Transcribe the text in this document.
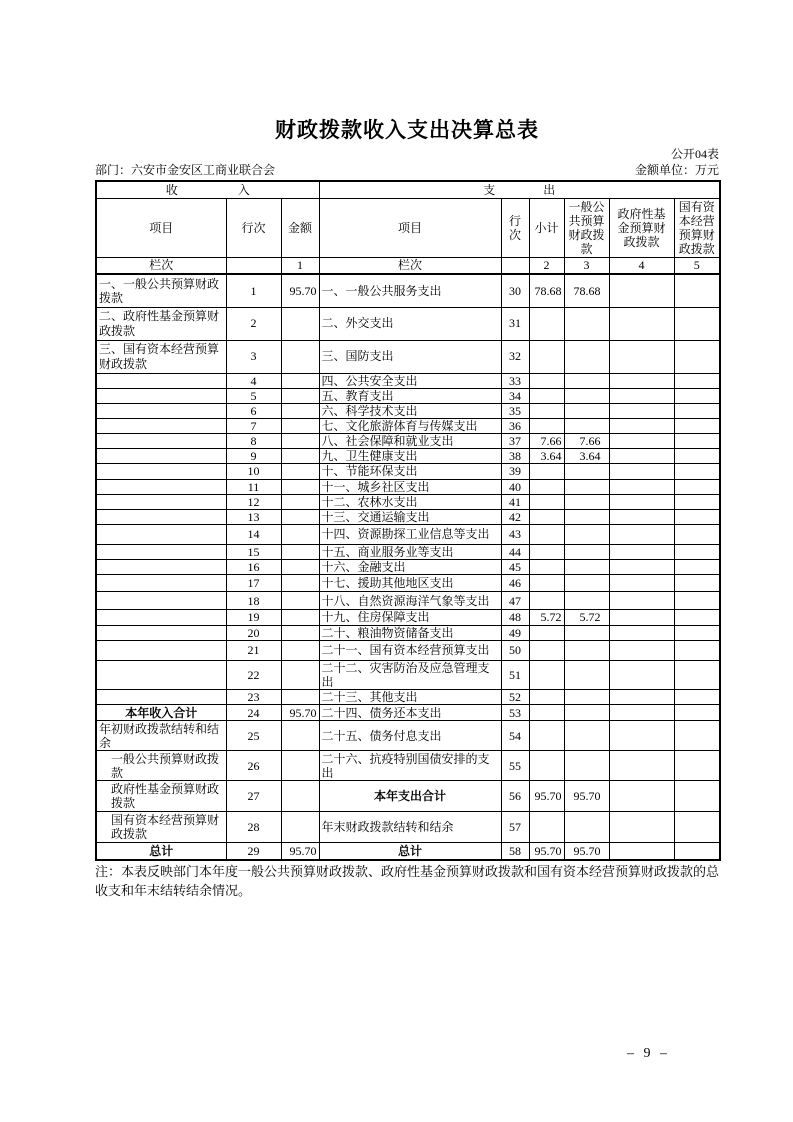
财政拨款收入支出决算总表
公开04表
部门：六安市金安区工商业联合会	金额单位：万元
收　　　　　入			支　　　　出					
项目	行次	金额	项目	行次	小计	一般公共预算财政拨款	政府性基金预算财政拨款	国有资本经营预算财政拨款
栏次		1	栏次		2	3	4	5
一、一般公共预算财政拨款	1	95.70	一、一般公共服务支出	30	78.68	78.68		
二、政府性基金预算财政拨款	2		二、外交支出	31				
三、国有资本经营预算财政拨款	3		三、国防支出	32				
	4		四、公共安全支出	33				
	5		五、教育支出	34				
	6		六、科学技术支出	35				
	7		七、文化旅游体育与传媒支出	36				
	8		八、社会保障和就业支出	37	7.66	7.66		
	9		九、卫生健康支出	38	3.64	3.64		
	10		十、节能环保支出	39				
	11		十一、城乡社区支出	40				
	12		十二、农林水支出	41				
	13		十三、交通运输支出	42				
	14		十四、资源勘探工业信息等支出	43				
	15		十五、商业服务业等支出	44				
	16		十六、金融支出	45				
	17		十七、援助其他地区支出	46				
	18		十八、自然资源海洋气象等支出	47				
	19		十九、住房保障支出	48	5.72	5.72		
	20		二十、粮油物资储备支出	49				
	21		二十一、国有资本经营预算支出	50				
	22		二十二、灾害防治及应急管理支出	51				
	23		二十三、其他支出	52				
本年收入合计	24	95.70	二十四、债务还本支出	53				
年初财政拨款结转和结余	25		二十五、债务付息支出	54				
一般公共预算财政拨款	26		二十六、抗疫特别国债安排的支出	55				
政府性基金预算财政拨款	27		本年支出合计	56	95.70	95.70		
国有资本经营预算财政拨款	28		年末财政拨款结转和结余	57				
总计	29	95.70	总计	58	95.70	95.70		
注：本表反映部门本年度一般公共预算财政拨款、政府性基金预算财政拨款和国有资本经营预算财政拨款的总收支和年末结转结余情况。
– 9 –
